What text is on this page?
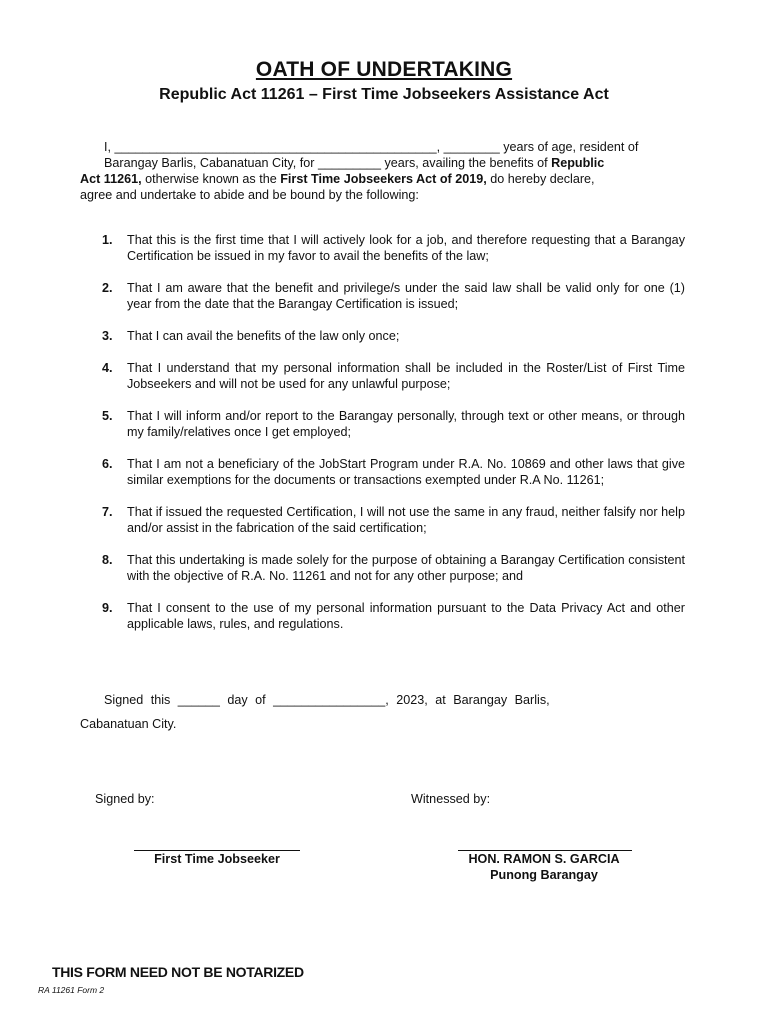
OATH OF UNDERTAKING
Republic Act 11261 – First Time Jobseekers Assistance Act
I, ______________________________________________, ________ years of age, resident of
Barangay Barlis, Cabanatuan City, for _________ years, availing the benefits of Republic
Act 11261, otherwise known as the First Time Jobseekers Act of 2019, do hereby declare,
agree and undertake to abide and be bound by the following:
1. That this is the first time that I will actively look for a job, and therefore requesting that a Barangay Certification be issued in my favor to avail the benefits of the law;
2. That I am aware that the benefit and privilege/s under the said law shall be valid only for one (1) year from the date that the Barangay Certification is issued;
3. That I can avail the benefits of the law only once;
4. That I understand that my personal information shall be included in the Roster/List of First Time Jobseekers and will not be used for any unlawful purpose;
5. That I will inform and/or report to the Barangay personally, through text or other means, or through my family/relatives once I get employed;
6. That I am not a beneficiary of the JobStart Program under R.A. No. 10869 and other laws that give similar exemptions for the documents or transactions exempted under R.A No. 11261;
7. That if issued the requested Certification, I will not use the same in any fraud, neither falsify nor help and/or assist in the fabrication of the said certification;
8. That this undertaking is made solely for the purpose of obtaining a Barangay Certification consistent with the objective of R.A. No. 11261 and not for any other purpose; and
9. That I consent to the use of my personal information pursuant to the Data Privacy Act and other applicable laws, rules, and regulations.
Signed this ______ day of ________________, 2023, at Barangay Barlis,
Cabanatuan City.
Signed by:	Witnessed by:
First Time Jobseeker	HON. RAMON S. GARCIA
Punong Barangay
THIS FORM NEED NOT BE NOTARIZED
RA 11261 Form 2
